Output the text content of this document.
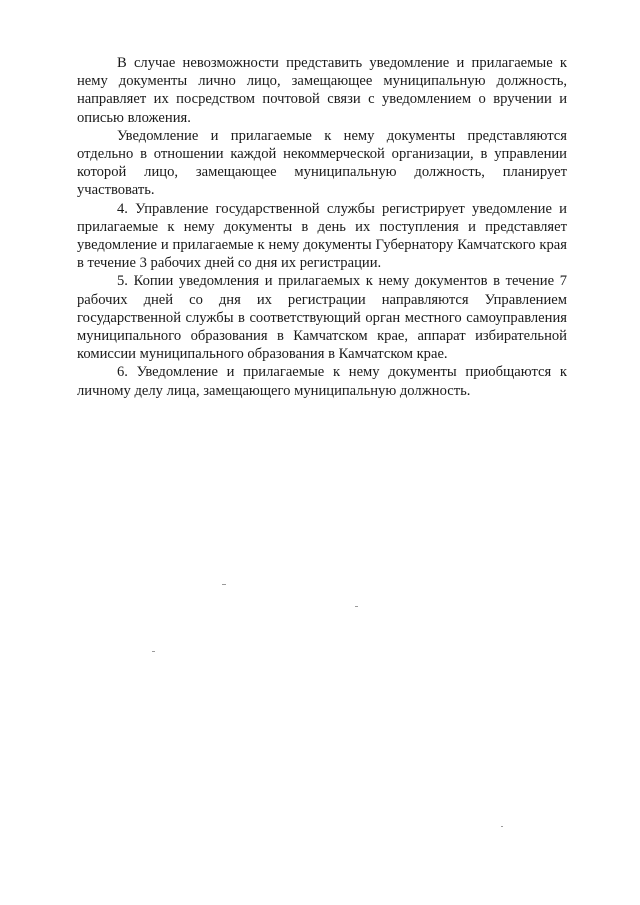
В случае невозможности представить уведомление и прилагаемые к нему документы лично лицо, замещающее муниципальную должность, направляет их посредством почтовой связи с уведомлением о вручении и описью вложения.

Уведомление и прилагаемые к нему документы представляются отдельно в отношении каждой некоммерческой организации, в управлении которой лицо, замещающее муниципальную должность, планирует участвовать.

4. Управление государственной службы регистрирует уведомление и прилагаемые к нему документы в день их поступления и представляет уведомление и прилагаемые к нему документы Губернатору Камчатского края в течение 3 рабочих дней со дня их регистрации.

5. Копии уведомления и прилагаемых к нему документов в течение 7 рабочих дней со дня их регистрации направляются Управлением государственной службы в соответствующий орган местного самоуправления муниципального образования в Камчатском крае, аппарат избирательной комиссии муниципального образования в Камчатском крае.

6. Уведомление и прилагаемые к нему документы приобщаются к личному делу лица, замещающего муниципальную должность.
